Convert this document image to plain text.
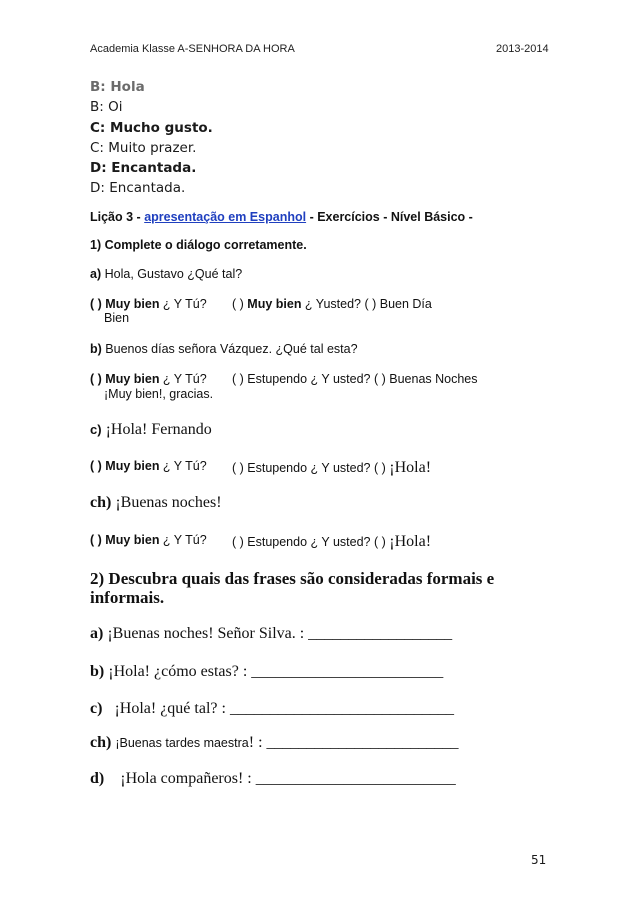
Academia Klasse A-SENHORA DA HORA	2013-2014
B: Hola
B: Oi
C: Mucho gusto.
C: Muito prazer.
D: Encantada.
D: Encantada.
Lição 3 - apresentação em Espanhol - Exercícios - Nível Básico -
1) Complete o diálogo corretamente.
a) Hola, Gustavo ¿Qué tal?
( ) Muy bien ¿ Y Tú? ( ) Muy bien ¿ Yusted? ( ) Buen Día
Bien
b) Buenos días señora Vázquez. ¿Qué tal esta?
( ) Muy bien ¿ Y Tú? ( ) Estupendo ¿ Y usted? ( ) Buenas Noches
¡Muy bien!, gracias.
c) ¡Hola! Fernando
( ) Muy bien ¿ Y Tú? ( ) Estupendo ¿ Y usted? ( ) ¡Hola!
ch) ¡Buenas noches!
( ) Muy bien ¿ Y Tú? ( ) Estupendo ¿ Y usted? ( ) ¡Hola!
2) Descubra quais das frases são consideradas formais e
informais.
a) ¡Buenas noches! Señor Silva. : __________________
b) ¡Hola! ¿cómo estas? : ________________________
c)   ¡Hola! ¿qué tal? : ____________________________
ch) ¡Buenas tardes maestra! : ________________________
d)    ¡Hola compañeros! : _________________________
51
